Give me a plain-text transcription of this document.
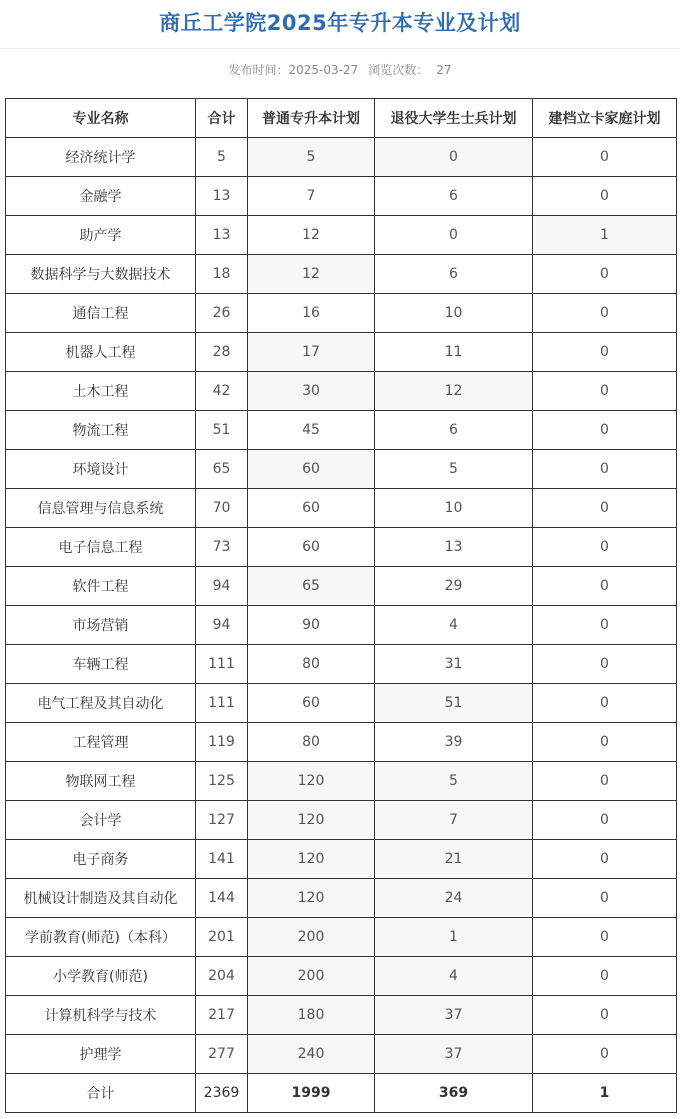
商丘工学院2025年专升本专业及计划
发布时间：2025-03-27 浏览次数： 27
专业名称	合计	普通专升本计划	退役大学生士兵计划	建档立卡家庭计划
经济统计学	5	5	0	0
金融学	13	7	6	0
助产学	13	12	0	1
数据科学与大数据技术	18	12	6	0
通信工程	26	16	10	0
机器人工程	28	17	11	0
土木工程	42	30	12	0
物流工程	51	45	6	0
环境设计	65	60	5	0
信息管理与信息系统	70	60	10	0
电子信息工程	73	60	13	0
软件工程	94	65	29	0
市场营销	94	90	4	0
车辆工程	111	80	31	0
电气工程及其自动化	111	60	51	0
工程管理	119	80	39	0
物联网工程	125	120	5	0
会计学	127	120	7	0
电子商务	141	120	21	0
机械设计制造及其自动化	144	120	24	0
学前教育(师范)（本科）	201	200	1	0
小学教育(师范)	204	200	4	0
计算机科学与技术	217	180	37	0
护理学	277	240	37	0
合计	2369	1999	369	1
